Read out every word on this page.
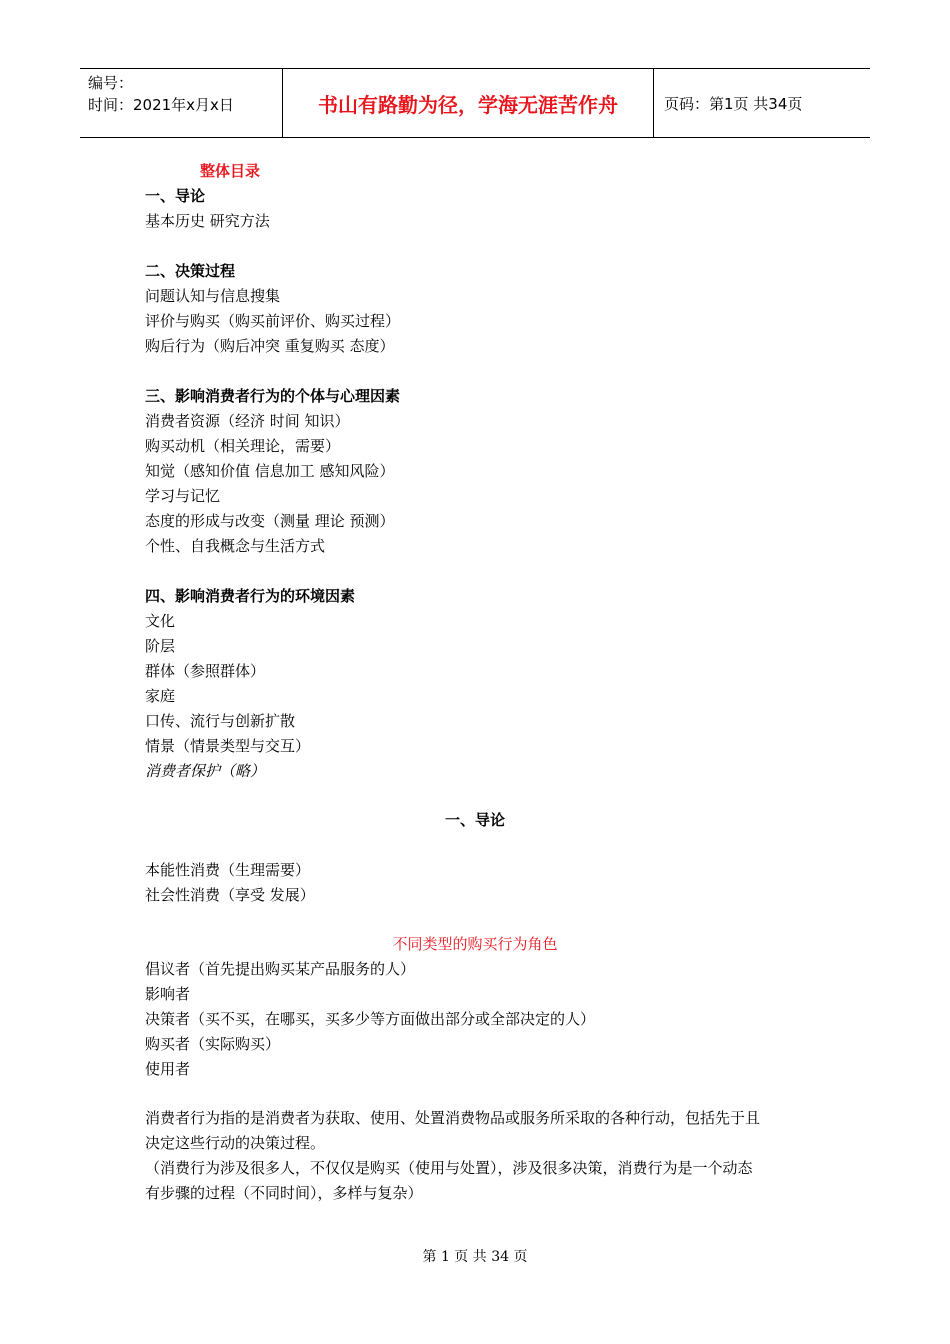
编号：
时间：2021年x月x日	书山有路勤为径，学海无涯苦作舟	页码：第1页 共34页
整体目录
一、导论
基本历史 研究方法
二、决策过程
问题认知与信息搜集
评价与购买（购买前评价、购买过程）
购后行为（购后冲突 重复购买 态度）
三、影响消费者行为的个体与心理因素
消费者资源（经济 时间 知识）
购买动机（相关理论，需要）
知觉（感知价值 信息加工 感知风险）
学习与记忆
态度的形成与改变（测量 理论 预测）
个性、自我概念与生活方式
四、影响消费者行为的环境因素
文化
阶层
群体（参照群体）
家庭
口传、流行与创新扩散
情景（情景类型与交互）
消费者保护（略）
一、导论
本能性消费（生理需要）
社会性消费（享受 发展）
不同类型的购买行为角色
倡议者（首先提出购买某产品服务的人）
影响者
决策者（买不买，在哪买，买多少等方面做出部分或全部决定的人）
购买者（实际购买）
使用者
消费者行为指的是消费者为获取、使用、处置消费物品或服务所采取的各种行动，包括先于且
决定这些行动的决策过程。
（消费行为涉及很多人，不仅仅是购买（使用与处置），涉及很多决策，消费行为是一个动态
有步骤的过程（不同时间），多样与复杂）
第 1 页 共 34 页
